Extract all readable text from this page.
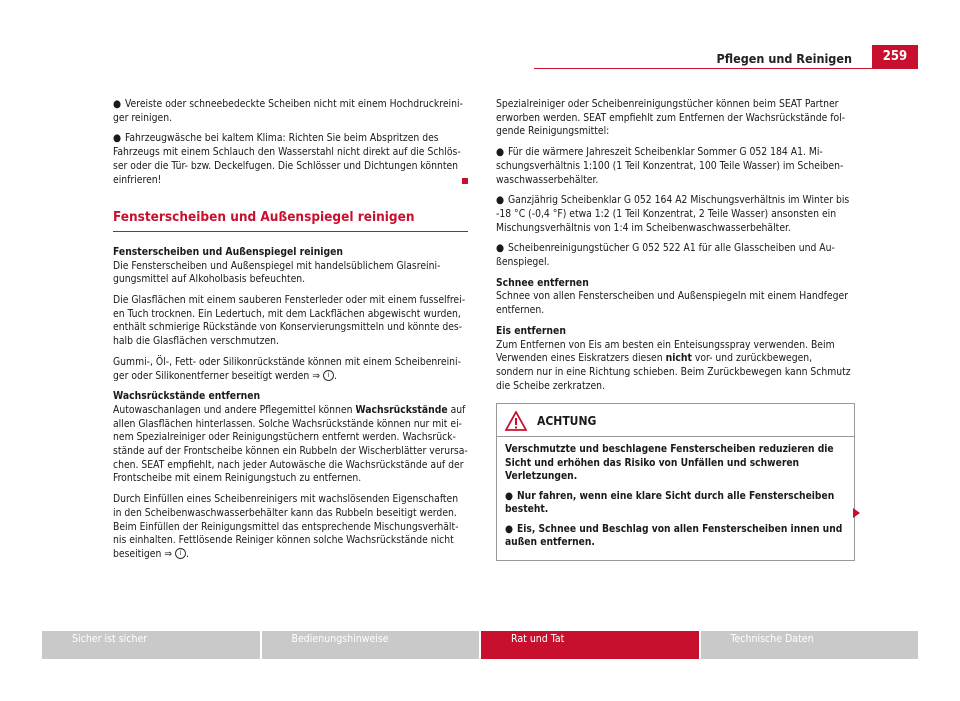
Pflegen und Reinigen	259

● Vereiste oder schneebedeckte Scheiben nicht mit einem Hochdruckreini-ger reinigen.

● Fahrzeugwäsche bei kaltem Klima: Richten Sie beim Abspritzen des Fahrzeugs mit einem Schlauch den Wasserstahl nicht direkt auf die Schlös-ser oder die Tür- bzw. Deckelfugen. Die Schlösser und Dichtungen könnten einfrieren!

Fensterscheiben und Außenspiegel reinigen

Fensterscheiben und Außenspiegel reinigen

Die Fensterscheiben und Außenspiegel mit handelsüblichem Glasreini-gungsmittel auf Alkoholbasis befeuchten.

Die Glasflächen mit einem sauberen Fensterleder oder mit einem fusselfrei-en Tuch trocknen. Ein Ledertuch, mit dem Lackflächen abgewischt wurden, enthält schmierige Rückstände von Konservierungsmitteln und könnte des-halb die Glasflächen verschmutzen.

Gummi-, Öl-, Fett- oder Silikonrückstände können mit einem Scheibenreini-ger oder Silikonentferner beseitigt werden ⇒ i .

Wachsrückstände entfernen

Autowaschanlagen und andere Pflegemittel können Wachsrückstände auf allen Glasflächen hinterlassen. Solche Wachsrückstände können nur mit ei-nem Spezialreiniger oder Reinigungstüchern entfernt werden. Wachsrück-stände auf der Frontscheibe können ein Rubbeln der Wischerblätter verursa-chen. SEAT empfiehlt, nach jeder Autowäsche die Wachsrückstände auf der Frontscheibe mit einem Reinigungstuch zu entfernen.

Durch Einfüllen eines Scheibenreinigers mit wachslösenden Eigenschaften in den Scheibenwaschwasserbehälter kann das Rubbeln beseitigt werden. Beim Einfüllen der Reinigungsmittel das entsprechende Mischungsverhält-nis einhalten. Fettlösende Reiniger können solche Wachsrückstände nicht beseitigen ⇒ i .

Spezialreiniger oder Scheibenreinigungstücher können beim SEAT Partner erworben werden. SEAT empfiehlt zum Entfernen der Wachsrückstände fol-gende Reinigungsmittel:

● Für die wärmere Jahreszeit Scheibenklar Sommer G 052 184 A1. Mi-schungsverhältnis 1:100 (1 Teil Konzentrat, 100 Teile Wasser) im Scheiben-waschwasserbehälter.

● Ganzjährig Scheibenklar G 052 164 A2 Mischungsverhältnis im Winter bis -18 °C (-0,4 °F) etwa 1:2 (1 Teil Konzentrat, 2 Teile Wasser) ansonsten ein Mischungsverhältnis von 1:4 im Scheibenwaschwasserbehälter.

● Scheibenreinigungstücher G 052 522 A1 für alle Glasscheiben und Au-ßenspiegel.

Schnee entfernen

Schnee von allen Fensterscheiben und Außenspiegeln mit einem Handfeger entfernen.

Eis entfernen

Zum Entfernen von Eis am besten ein Enteisungsspray verwenden. Beim Verwenden eines Eiskratzers diesen nicht vor- und zurückbewegen, sondern nur in eine Richtung schieben. Beim Zurückbewegen kann Schmutz die Scheibe zerkratzen.

ACHTUNG

Verschmutzte und beschlagene Fensterscheiben reduzieren die Sicht und erhöhen das Risiko von Unfällen und schweren Verletzungen.

● Nur fahren, wenn eine klare Sicht durch alle Fensterscheiben besteht.

● Eis, Schnee und Beschlag von allen Fensterscheiben innen und außen entfernen.

Sicher ist sicher	Bedienungshinweise	Rat und Tat	Technische Daten
